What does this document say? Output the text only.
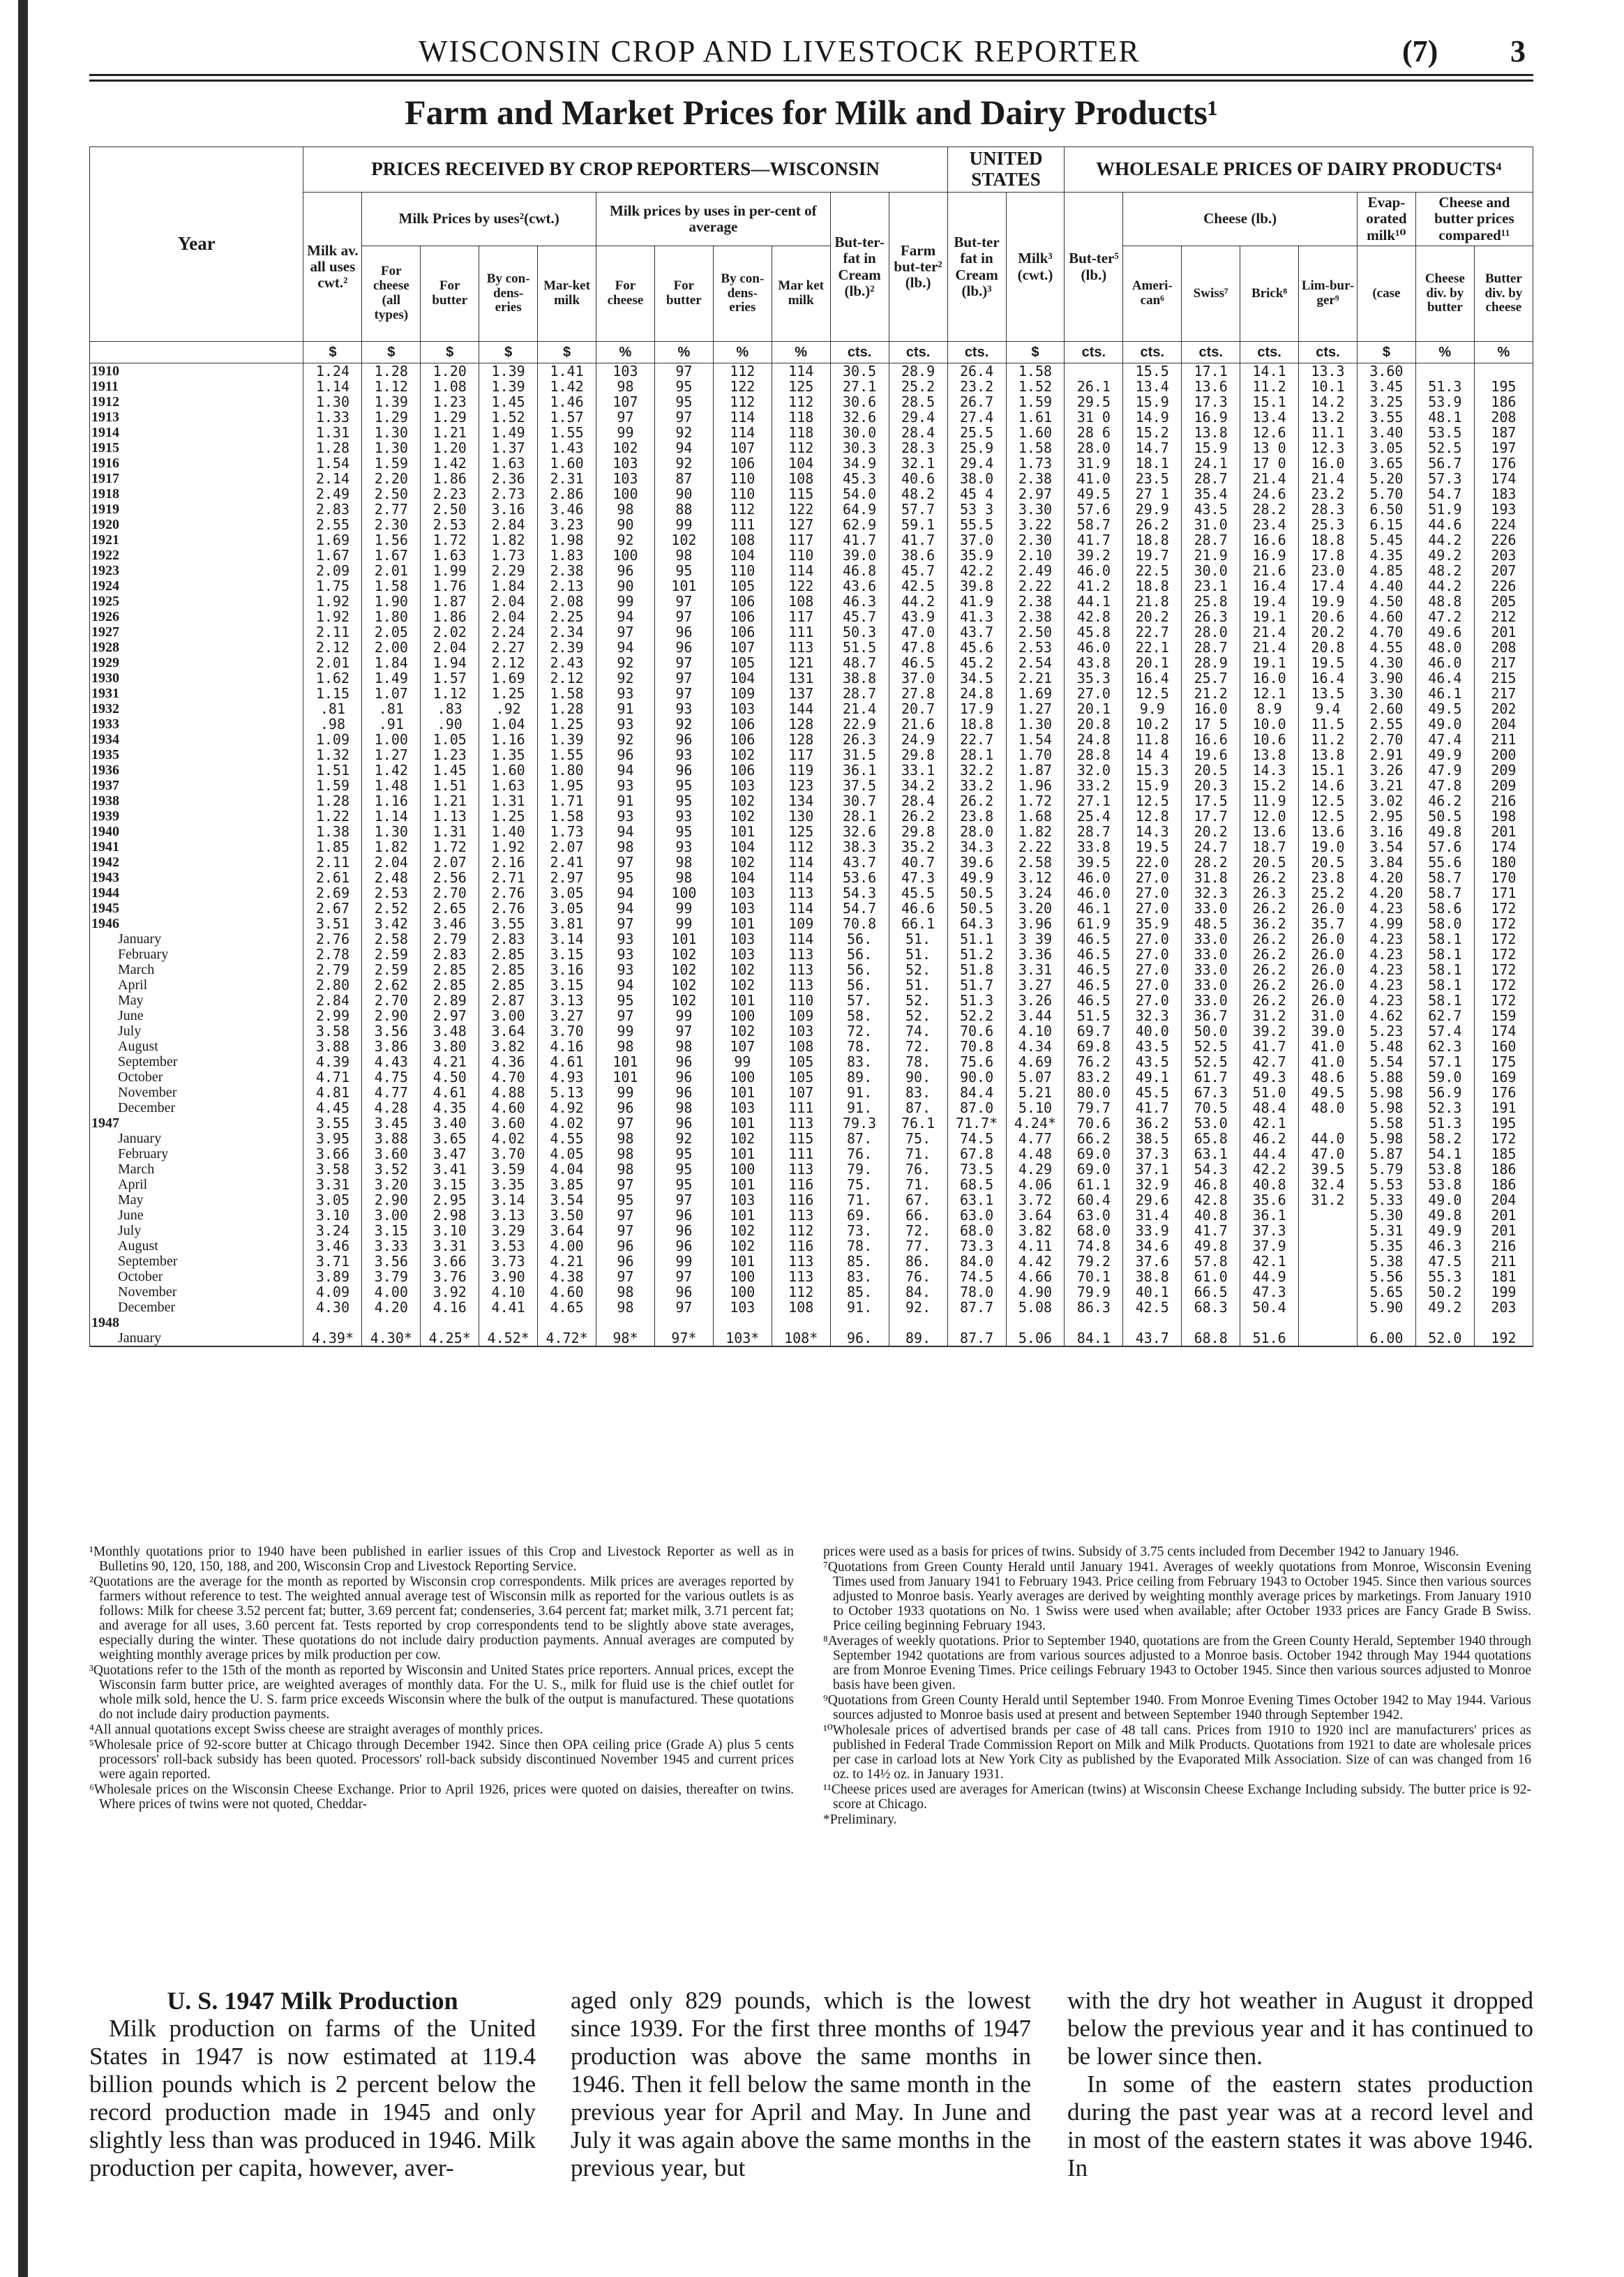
WISCONSIN CROP AND LIVESTOCK REPORTER	(7) 3
Farm and Market Prices for Milk and Dairy Products¹
Year	PRICES RECEIVED BY CROP REPORTERS—WISCONSIN											UNITED STATES		WHOLESALE PRICES OF DAIRY PRODUCTS⁴							
	Milk av. all uses cwt.²	Milk Prices by uses²(cwt.)				Milk prices by uses in per-cent of average				But-ter-fat in Cream (lb.)²	Farm but-ter² (lb.)	But-ter fat in Cream (lb.)³	Milk³ (cwt.)	But-ter⁵ (lb.)	Cheese (lb.)				Evap-orated milk¹⁰	Cheese and butter prices compared¹¹	
		For cheese (all types)	For butter	By con-dens-eries	Mar-ket milk	For cheese	For butter	By con-dens-eries	Mar ket milk						Ameri-can⁶	Swiss⁷	Brick⁸	Lim-bur-ger⁹	(case	Cheese div. by butter	Butter div. by cheese
	$	$	$	$	$	%	%	%	%	cts.	cts.	cts.	$	cts.	cts.	cts.	cts.	cts.	$	%	%
1910	1.24	1.28	1.20	1.39	1.41	103	97	112	114	30.5	28.9	26.4	1.58		15.5	17.1	14.1	13.3	3.60		
1911	1.14	1.12	1.08	1.39	1.42	98	95	122	125	27.1	25.2	23.2	1.52	26.1	13.4	13.6	11.2	10.1	3.45	51.3	195
1912	1.30	1.39	1.23	1.45	1.46	107	95	112	112	30.6	28.5	26.7	1.59	29.5	15.9	17.3	15.1	14.2	3.25	53.9	186
1913	1.33	1.29	1.29	1.52	1.57	97	97	114	118	32.6	29.4	27.4	1.61	31 0	14.9	16.9	13.4	13.2	3.55	48.1	208
1914	1.31	1.30	1.21	1.49	1.55	99	92	114	118	30.0	28.4	25.5	1.60	28 6	15.2	13.8	12.6	11.1	3.40	53.5	187
1915	1.28	1.30	1.20	1.37	1.43	102	94	107	112	30.3	28.3	25.9	1.58	28.0	14.7	15.9	13 0	12.3	3.05	52.5	197
1916	1.54	1.59	1.42	1.63	1.60	103	92	106	104	34.9	32.1	29.4	1.73	31.9	18.1	24.1	17 0	16.0	3.65	56.7	176
1917	2.14	2.20	1.86	2.36	2.31	103	87	110	108	45.3	40.6	38.0	2.38	41.0	23.5	28.7	21.4	21.4	5.20	57.3	174
1918	2.49	2.50	2.23	2.73	2.86	100	90	110	115	54.0	48.2	45 4	2.97	49.5	27 1	35.4	24.6	23.2	5.70	54.7	183
1919	2.83	2.77	2.50	3.16	3.46	98	88	112	122	64.9	57.7	53 3	3.30	57.6	29.9	43.5	28.2	28.3	6.50	51.9	193
1920	2.55	2.30	2.53	2.84	3.23	90	99	111	127	62.9	59.1	55.5	3.22	58.7	26.2	31.0	23.4	25.3	6.15	44.6	224
1921	1.69	1.56	1.72	1.82	1.98	92	102	108	117	41.7	41.7	37.0	2.30	41.7	18.8	28.7	16.6	18.8	5.45	44.2	226
1922	1.67	1.67	1.63	1.73	1.83	100	98	104	110	39.0	38.6	35.9	2.10	39.2	19.7	21.9	16.9	17.8	4.35	49.2	203
1923	2.09	2.01	1.99	2.29	2.38	96	95	110	114	46.8	45.7	42.2	2.49	46.0	22.5	30.0	21.6	23.0	4.85	48.2	207
1924	1.75	1.58	1.76	1.84	2.13	90	101	105	122	43.6	42.5	39.8	2.22	41.2	18.8	23.1	16.4	17.4	4.40	44.2	226
1925	1.92	1.90	1.87	2.04	2.08	99	97	106	108	46.3	44.2	41.9	2.38	44.1	21.8	25.8	19.4	19.9	4.50	48.8	205
1926	1.92	1.80	1.86	2.04	2.25	94	97	106	117	45.7	43.9	41.3	2.38	42.8	20.2	26.3	19.1	20.6	4.60	47.2	212
1927	2.11	2.05	2.02	2.24	2.34	97	96	106	111	50.3	47.0	43.7	2.50	45.8	22.7	28.0	21.4	20.2	4.70	49.6	201
1928	2.12	2.00	2.04	2.27	2.39	94	96	107	113	51.5	47.8	45.6	2.53	46.0	22.1	28.7	21.4	20.8	4.55	48.0	208
1929	2.01	1.84	1.94	2.12	2.43	92	97	105	121	48.7	46.5	45.2	2.54	43.8	20.1	28.9	19.1	19.5	4.30	46.0	217
1930	1.62	1.49	1.57	1.69	2.12	92	97	104	131	38.8	37.0	34.5	2.21	35.3	16.4	25.7	16.0	16.4	3.90	46.4	215
1931	1.15	1.07	1.12	1.25	1.58	93	97	109	137	28.7	27.8	24.8	1.69	27.0	12.5	21.2	12.1	13.5	3.30	46.1	217
1932	.81	.81	.83	.92	1.28	91	93	103	144	21.4	20.7	17.9	1.27	20.1	9.9	16.0	8.9	9.4	2.60	49.5	202
1933	.98	.91	.90	1.04	1.25	93	92	106	128	22.9	21.6	18.8	1.30	20.8	10.2	17 5	10.0	11.5	2.55	49.0	204
1934	1.09	1.00	1.05	1.16	1.39	92	96	106	128	26.3	24.9	22.7	1.54	24.8	11.8	16.6	10.6	11.2	2.70	47.4	211
1935	1.32	1.27	1.23	1.35	1.55	96	93	102	117	31.5	29.8	28.1	1.70	28.8	14 4	19.6	13.8	13.8	2.91	49.9	200
1936	1.51	1.42	1.45	1.60	1.80	94	96	106	119	36.1	33.1	32.2	1.87	32.0	15.3	20.5	14.3	15.1	3.26	47.9	209
1937	1.59	1.48	1.51	1.63	1.95	93	95	103	123	37.5	34.2	33.2	1.96	33.2	15.9	20.3	15.2	14.6	3.21	47.8	209
1938	1.28	1.16	1.21	1.31	1.71	91	95	102	134	30.7	28.4	26.2	1.72	27.1	12.5	17.5	11.9	12.5	3.02	46.2	216
1939	1.22	1.14	1.13	1.25	1.58	93	93	102	130	28.1	26.2	23.8	1.68	25.4	12.8	17.7	12.0	12.5	2.95	50.5	198
1940	1.38	1.30	1.31	1.40	1.73	94	95	101	125	32.6	29.8	28.0	1.82	28.7	14.3	20.2	13.6	13.6	3.16	49.8	201
1941	1.85	1.82	1.72	1.92	2.07	98	93	104	112	38.3	35.2	34.3	2.22	33.8	19.5	24.7	18.7	19.0	3.54	57.6	174
1942	2.11	2.04	2.07	2.16	2.41	97	98	102	114	43.7	40.7	39.6	2.58	39.5	22.0	28.2	20.5	20.5	3.84	55.6	180
1943	2.61	2.48	2.56	2.71	2.97	95	98	104	114	53.6	47.3	49.9	3.12	46.0	27.0	31.8	26.2	23.8	4.20	58.7	170
1944	2.69	2.53	2.70	2.76	3.05	94	100	103	113	54.3	45.5	50.5	3.24	46.0	27.0	32.3	26.3	25.2	4.20	58.7	171
1945	2.67	2.52	2.65	2.76	3.05	94	99	103	114	54.7	46.6	50.5	3.20	46.1	27.0	33.0	26.2	26.0	4.23	58.6	172
1946	3.51	3.42	3.46	3.55	3.81	97	99	101	109	70.8	66.1	64.3	3.96	61.9	35.9	48.5	36.2	35.7	4.99	58.0	172
January	2.76	2.58	2.79	2.83	3.14	93	101	103	114	56.	51.	51.1	3 39	46.5	27.0	33.0	26.2	26.0	4.23	58.1	172
February	2.78	2.59	2.83	2.85	3.15	93	102	103	113	56.	51.	51.2	3.36	46.5	27.0	33.0	26.2	26.0	4.23	58.1	172
March	2.79	2.59	2.85	2.85	3.16	93	102	102	113	56.	52.	51.8	3.31	46.5	27.0	33.0	26.2	26.0	4.23	58.1	172
April	2.80	2.62	2.85	2.85	3.15	94	102	102	113	56.	51.	51.7	3.27	46.5	27.0	33.0	26.2	26.0	4.23	58.1	172
May	2.84	2.70	2.89	2.87	3.13	95	102	101	110	57.	52.	51.3	3.26	46.5	27.0	33.0	26.2	26.0	4.23	58.1	172
June	2.99	2.90	2.97	3.00	3.27	97	99	100	109	58.	52.	52.2	3.44	51.5	32.3	36.7	31.2	31.0	4.62	62.7	159
July	3.58	3.56	3.48	3.64	3.70	99	97	102	103	72.	74.	70.6	4.10	69.7	40.0	50.0	39.2	39.0	5.23	57.4	174
August	3.88	3.86	3.80	3.82	4.16	98	98	107	108	78.	72.	70.8	4.34	69.8	43.5	52.5	41.7	41.0	5.48	62.3	160
September	4.39	4.43	4.21	4.36	4.61	101	96	99	105	83.	78.	75.6	4.69	76.2	43.5	52.5	42.7	41.0	5.54	57.1	175
October	4.71	4.75	4.50	4.70	4.93	101	96	100	105	89.	90.	90.0	5.07	83.2	49.1	61.7	49.3	48.6	5.88	59.0	169
November	4.81	4.77	4.61	4.88	5.13	99	96	101	107	91.	83.	84.4	5.21	80.0	45.5	67.3	51.0	49.5	5.98	56.9	176
December	4.45	4.28	4.35	4.60	4.92	96	98	103	111	91.	87.	87.0	5.10	79.7	41.7	70.5	48.4	48.0	5.98	52.3	191
1947	3.55	3.45	3.40	3.60	4.02	97	96	101	113	79.3	76.1	71.7*	4.24*	70.6	36.2	53.0	42.1		5.58	51.3	195
January	3.95	3.88	3.65	4.02	4.55	98	92	102	115	87.	75.	74.5	4.77	66.2	38.5	65.8	46.2	44.0	5.98	58.2	172
February	3.66	3.60	3.47	3.70	4.05	98	95	101	111	76.	71.	67.8	4.48	69.0	37.3	63.1	44.4	47.0	5.87	54.1	185
March	3.58	3.52	3.41	3.59	4.04	98	95	100	113	79.	76.	73.5	4.29	69.0	37.1	54.3	42.2	39.5	5.79	53.8	186
April	3.31	3.20	3.15	3.35	3.85	97	95	101	116	75.	71.	68.5	4.06	61.1	32.9	46.8	40.8	32.4	5.53	53.8	186
May	3.05	2.90	2.95	3.14	3.54	95	97	103	116	71.	67.	63.1	3.72	60.4	29.6	42.8	35.6	31.2	5.33	49.0	204
June	3.10	3.00	2.98	3.13	3.50	97	96	101	113	69.	66.	63.0	3.64	63.0	31.4	40.8	36.1		5.30	49.8	201
July	3.24	3.15	3.10	3.29	3.64	97	96	102	112	73.	72.	68.0	3.82	68.0	33.9	41.7	37.3		5.31	49.9	201
August	3.46	3.33	3.31	3.53	4.00	96	96	102	116	78.	77.	73.3	4.11	74.8	34.6	49.8	37.9		5.35	46.3	216
September	3.71	3.56	3.66	3.73	4.21	96	99	101	113	85.	86.	84.0	4.42	79.2	37.6	57.8	42.1		5.38	47.5	211
October	3.89	3.79	3.76	3.90	4.38	97	97	100	113	83.	76.	74.5	4.66	70.1	38.8	61.0	44.9		5.56	55.3	181
November	4.09	4.00	3.92	4.10	4.60	98	96	100	112	85.	84.	78.0	4.90	79.9	40.1	66.5	47.3		5.65	50.2	199
December	4.30	4.20	4.16	4.41	4.65	98	97	103	108	91.	92.	87.7	5.08	86.3	42.5	68.3	50.4		5.90	49.2	203
1948																					
January	4.39*	4.30*	4.25*	4.52*	4.72*	98*	97*	103*	108*	96.	89.	87.7	5.06	84.1	43.7	68.8	51.6		6.00	52.0	192

¹Monthly quotations prior to 1940 have been published in earlier issues of this Crop and Livestock Reporter as well as in Bulletins 90, 120, 150, 188, and 200, Wisconsin Crop and Livestock Reporting Service.

²Quotations are the average for the month as reported by Wisconsin crop correspondents. Milk prices are averages reported by farmers without reference to test. The weighted annual average test of Wisconsin milk as reported for the various outlets is as follows: Milk for cheese 3.52 percent fat; butter, 3.69 percent fat; condenseries, 3.64 percent fat; market milk, 3.71 percent fat; and average for all uses, 3.60 percent fat. Tests reported by crop correspondents tend to be slightly above state averages, especially during the winter. These quotations do not include dairy production payments. Annual averages are computed by weighting monthly average prices by milk production per cow.

³Quotations refer to the 15th of the month as reported by Wisconsin and United States price reporters. Annual prices, except the Wisconsin farm butter price, are weighted averages of monthly data. For the U. S., milk for fluid use is the chief outlet for whole milk sold, hence the U. S. farm price exceeds Wisconsin where the bulk of the output is manufactured. These quotations do not include dairy production payments.

⁴All annual quotations except Swiss cheese are straight averages of monthly prices.

⁵Wholesale price of 92-score butter at Chicago through December 1942. Since then OPA ceiling price (Grade A) plus 5 cents processors' roll-back subsidy has been quoted. Processors' roll-back subsidy discontinued November 1945 and current prices were again reported.

⁶Wholesale prices on the Wisconsin Cheese Exchange. Prior to April 1926, prices were quoted on daisies, thereafter on twins. Where prices of twins were not quoted, Cheddar-

prices were used as a basis for prices of twins. Subsidy of 3.75 cents included from December 1942 to January 1946.

⁷Quotations from Green County Herald until January 1941. Averages of weekly quotations from Monroe, Wisconsin Evening Times used from January 1941 to February 1943. Price ceiling from February 1943 to October 1945. Since then various sources adjusted to Monroe basis. Yearly averages are derived by weighting monthly average prices by marketings. From January 1910 to October 1933 quotations on No. 1 Swiss were used when available; after October 1933 prices are Fancy Grade B Swiss. Price ceiling beginning February 1943.

⁸Averages of weekly quotations. Prior to September 1940, quotations are from the Green County Herald, September 1940 through September 1942 quotations are from various sources adjusted to a Monroe basis. October 1942 through May 1944 quotations are from Monroe Evening Times. Price ceilings February 1943 to October 1945. Since then various sources adjusted to Monroe basis have been given.

⁹Quotations from Green County Herald until September 1940. From Monroe Evening Times October 1942 to May 1944. Various sources adjusted to Monroe basis used at present and between September 1940 through September 1942.

¹⁰Wholesale prices of advertised brands per case of 48 tall cans. Prices from 1910 to 1920 incl are manufacturers' prices as published in Federal Trade Commission Report on Milk and Milk Products. Quotations from 1921 to date are wholesale prices per case in carload lots at New York City as published by the Evaporated Milk Association. Size of can was changed from 16 oz. to 14½ oz. in January 1931.

¹¹Cheese prices used are averages for American (twins) at Wisconsin Cheese Exchange Including subsidy. The butter price is 92-score at Chicago.

*Preliminary.

U. S. 1947 Milk Production

Milk production on farms of the United States in 1947 is now estimated at 119.4 billion pounds which is 2 percent below the record production made in 1945 and only slightly less than was produced in 1946. Milk production per capita, however, aver-

aged only 829 pounds, which is the lowest since 1939. For the first three months of 1947 production was above the same months in 1946. Then it fell below the same month in the previous year for April and May. In June and July it was again above the same months in the previous year, but

with the dry hot weather in August it dropped below the previous year and it has continued to be lower since then.

In some of the eastern states production during the past year was at a record level and in most of the eastern states it was above 1946. In
